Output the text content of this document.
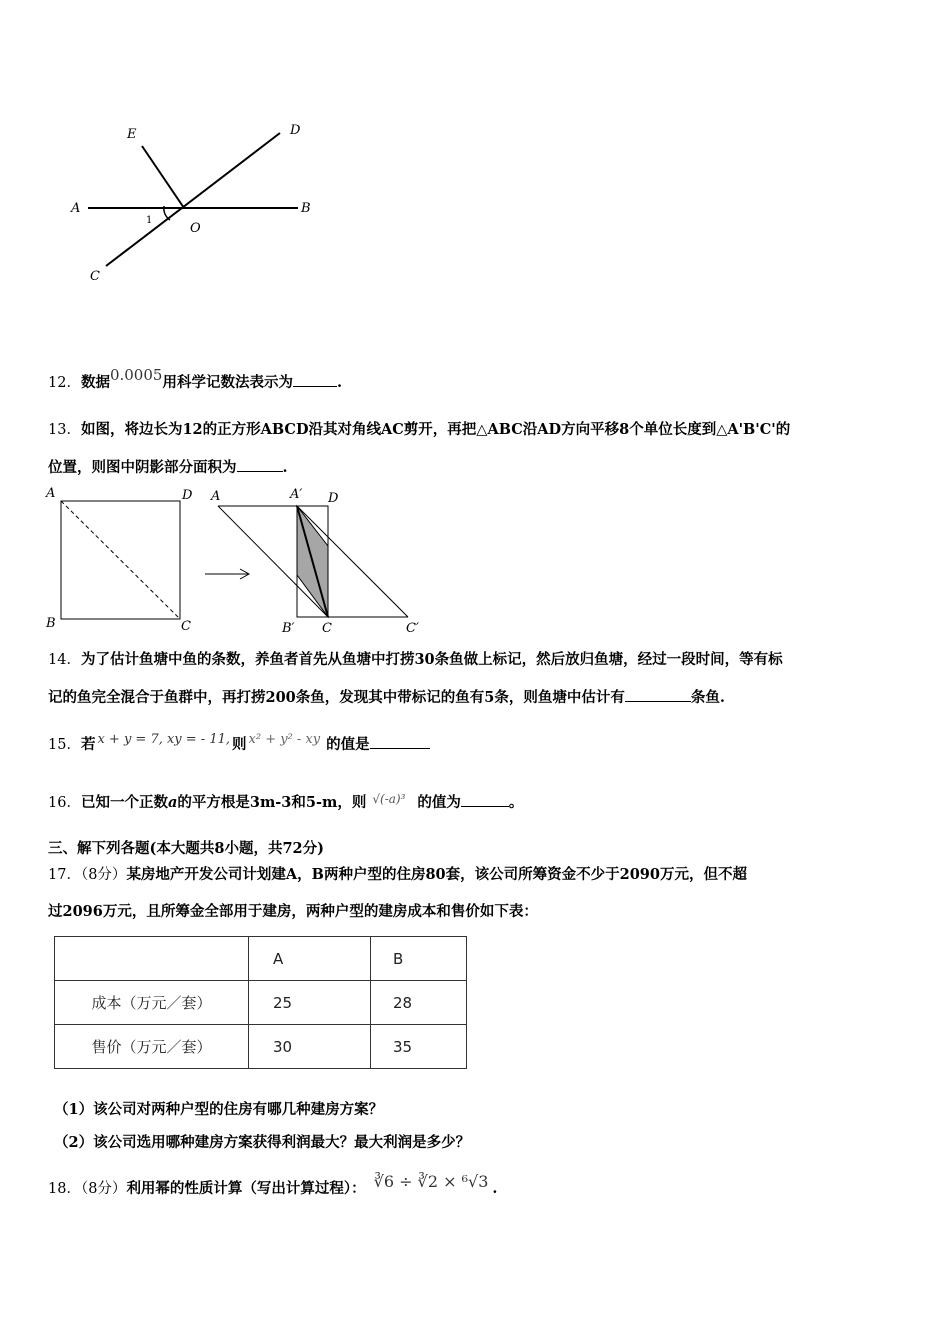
E	D
A	B
O
C
1
12．数据0.0005用科学记数法表示为	.
13．如图，将边长为12的正方形ABCD沿其对角线AC剪开，再把△ABC沿AD方向平移8个单位长度到△A'B'C'的
位置，则图中阴影部分面积为	.
A	D
B	C
A	A′ D
B′ C	C′
14．为了估计鱼塘中鱼的条数，养鱼者首先从鱼塘中打捞30条鱼做上标记，然后放归鱼塘，经过一段时间，等有标
记的鱼完全混合于鱼群中，再打捞200条鱼，发现其中带标记的鱼有5条，则鱼塘中估计有	条鱼.
15．若 x + y = 7, xy = - 11, 则 x² + y² - xy 的值是
16．已知一个正数a的平方根是3m-3和5-m，则 $^{√(-a)^3}$ 的值为	。
三、解下列各题(本大题共8小题，共72分)
17．（8分）某房地产开发公司计划建A，B两种户型的住房80套，该公司所筹资金不少于2090万元，但不超
过2096万元，且所筹金全部用于建房，两种户型的建房成本和售价如下表：
	A	B
成本（万元／套）	25	28
售价（万元／套）	30	35
（1）该公司对两种户型的住房有哪几种建房方案？
（2）该公司选用哪种建房方案获得利润最大？最大利润是多少？
18．（8分）利用幂的性质计算（写出计算过程）： ∛6 ÷ ∛2 × ⁶√3 .
